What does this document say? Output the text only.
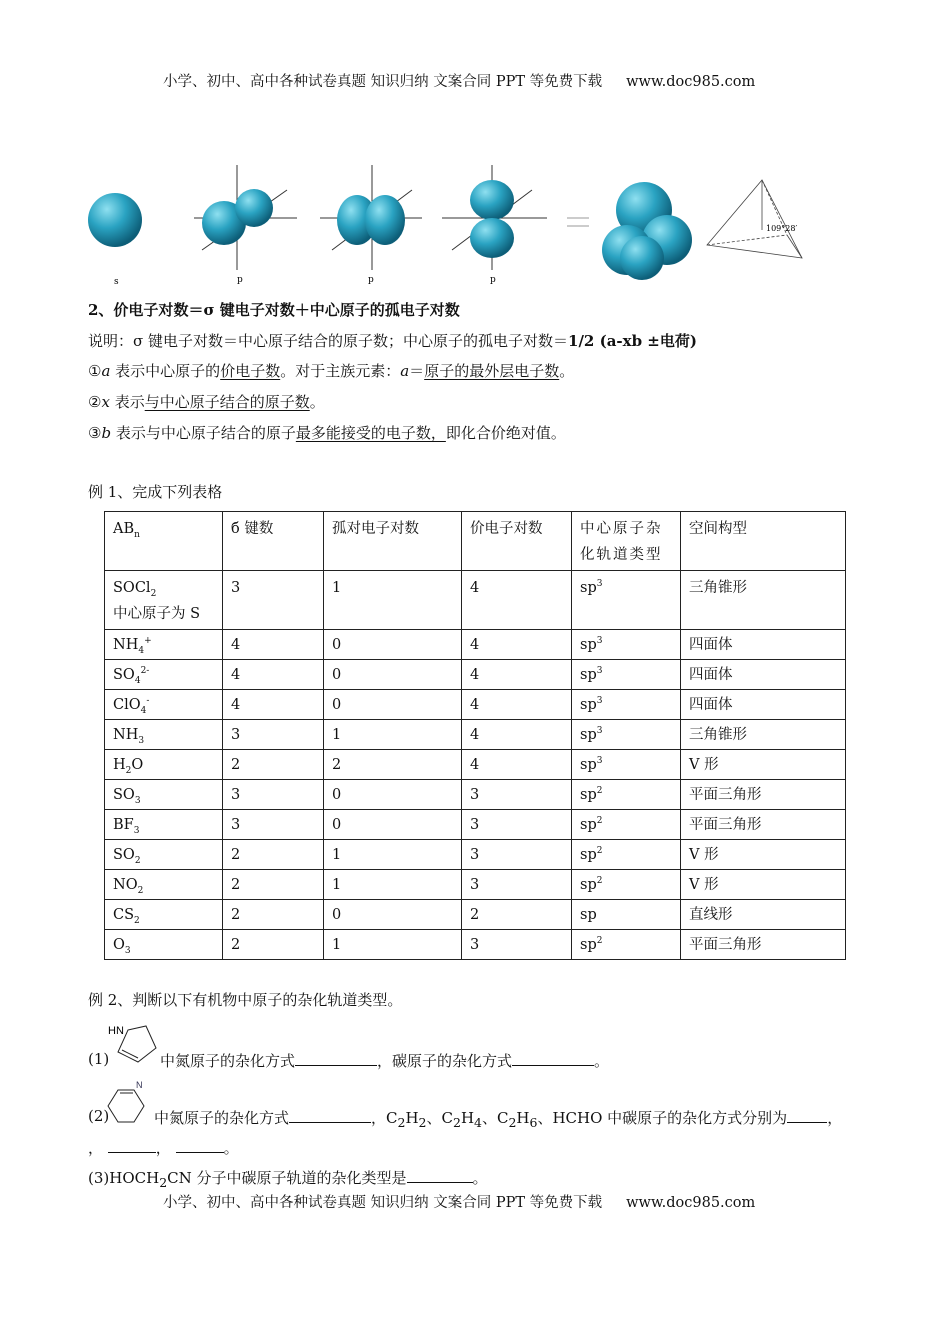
小学、初中、高中各种试卷真题 知识归纳 文案合同 PPT 等免费下载 www.doc985.com
s	p	p	p
109°28′
2、价电子对数＝σ 键电子对数＋中心原子的孤电子对数
说明：σ 键电子对数＝中心原子结合的原子数；中心原子的孤电子对数＝1/2 (a-xb ±电荷)
①a 表示中心原子的价电子数。对于主族元素：a＝原子的最外层电子数。
②x 表示与中心原子结合的原子数。
③b 表示与中心原子结合的原子最多能接受的电子数，即化合价绝对值。
例 1、完成下列表格
$AB_n$	б 键数	孤对电子对数	价电子对数	中心原子杂化轨道类型	空间构型
SOCl$_2$
中心原子为 S	3	1	4	$sp^3$	三角锥形
$NH_4^+$	4	0	4	$sp^3$	四面体
$SO_4^{2-}$	4	0	4	$sp^3$	四面体
ClO$_4$-	4	0	4	$sp^3$	四面体
$NH_3$	3	1	4	$sp^3$	三角锥形
$H_2O$	2	2	4	$sp^3$	V 形
$SO_3$	3	0	3	$sp^2$	平面三角形
$BF_3$	3	0	3	$sp^2$	平面三角形
$SO_2$	2	1	3	$sp^2$	V 形
$NO_2$	2	1	3	$sp^2$	V 形
$CS_2$	2	0	2	sp	直线形
$O_3$	2	1	3	$sp^2$	平面三角形
例 2、判断以下有机物中原子的杂化轨道类型。
(1)
HN
中氮原子的杂化方式	，碳原子的杂化方式	。
(2)
N
中氮原子的杂化方式	，$C_2H_2$、$C_2H_4$、$C_2H_6$、HCHO 中碳原子的杂化方式分别为	，
，	，	。
$(3)HOCH_2CN$ 分子中碳原子轨道的杂化类型是	。
小学、初中、高中各种试卷真题 知识归纳 文案合同 PPT 等免费下载 www.doc985.com
